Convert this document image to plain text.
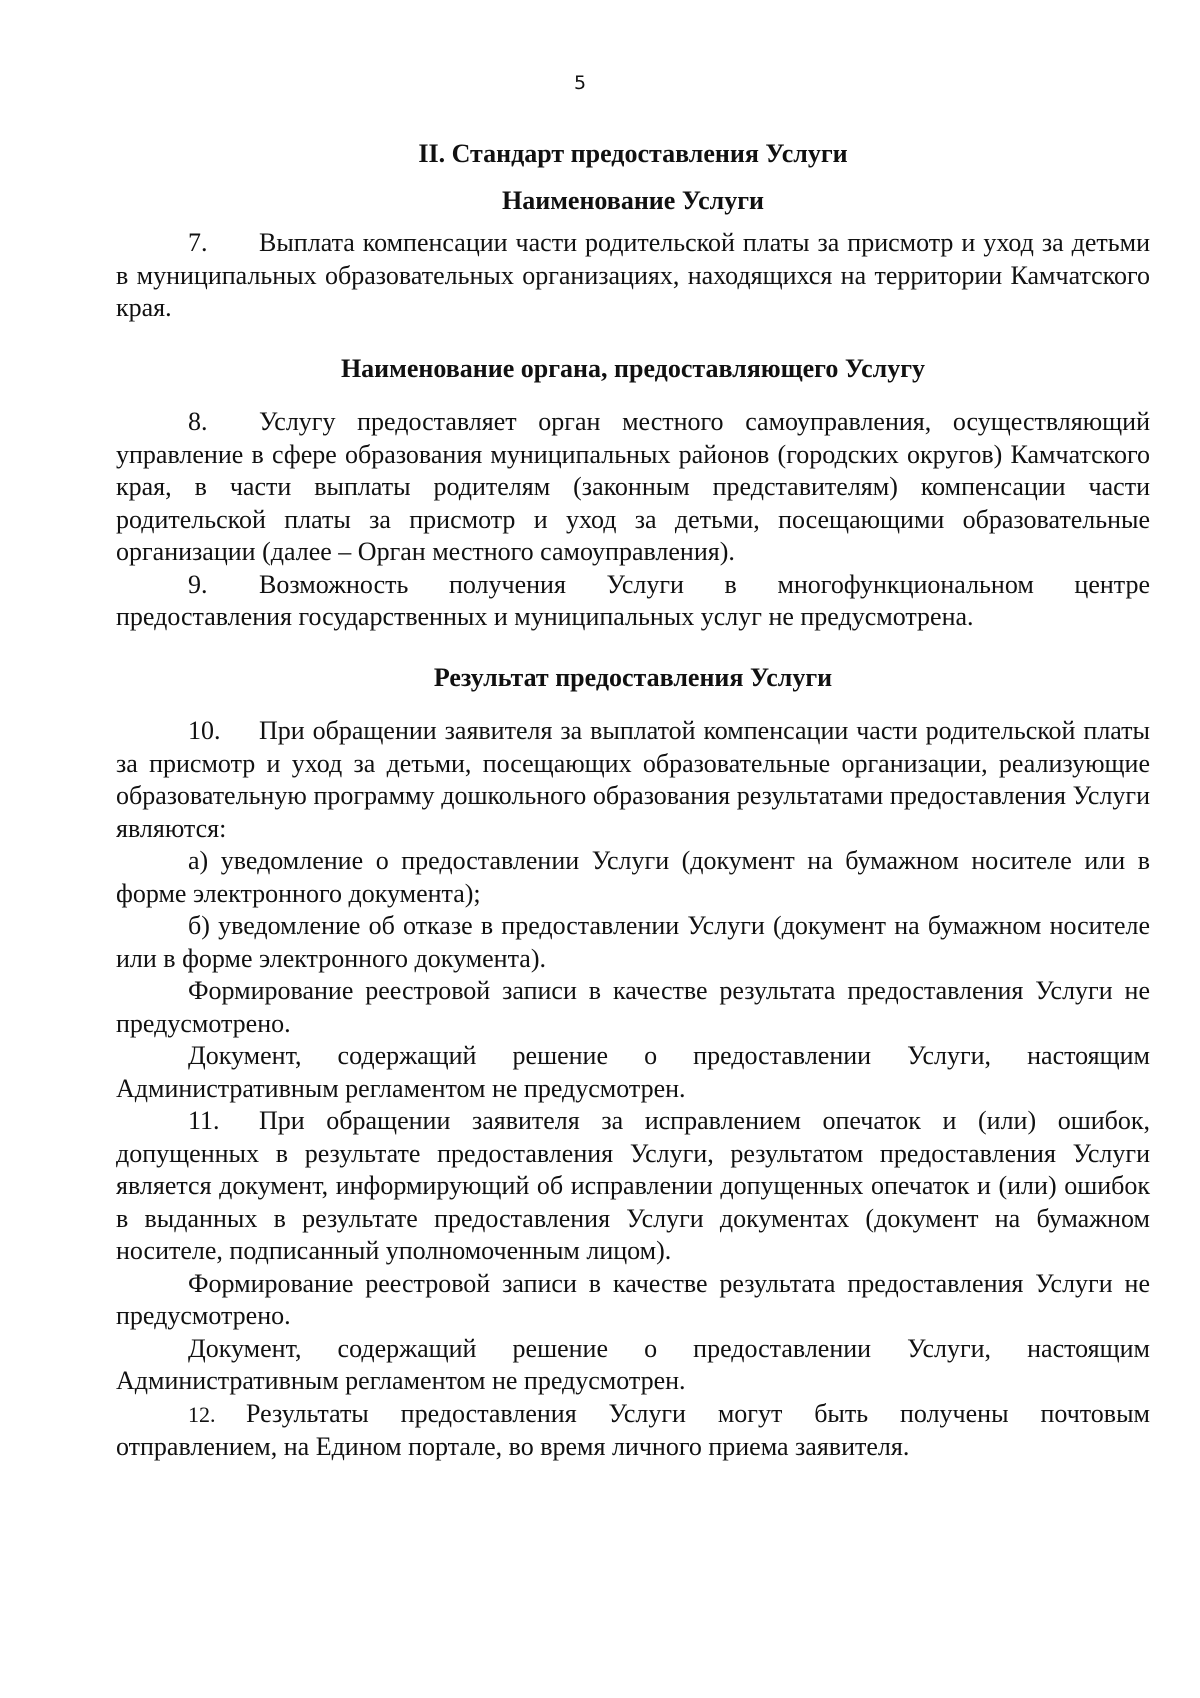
5
II. Стандарт предоставления Услуги
Наименование Услуги

7. Выплата компенсации части родительской платы за присмотр и уход за детьми в муниципальных образовательных организациях, находящихся на территории Камчатского края.

Наименование органа, предоставляющего Услугу

8. Услугу предоставляет орган местного самоуправления, осуществляющий управление в сфере образования муниципальных районов (городских округов) Камчатского края, в части выплаты родителям (законным представителям) компенсации части родительской платы за присмотр и уход за детьми, посещающими образовательные организации (далее – Орган местного самоуправления).

9. Возможность получения Услуги в многофункциональном центре предоставления государственных и муниципальных услуг не предусмотрена.

Результат предоставления Услуги

10. При обращении заявителя за выплатой компенсации части родительской платы за присмотр и уход за детьми, посещающих образовательные организации, реализующие образовательную программу дошкольного образования результатами предоставления Услуги являются:

а) уведомление о предоставлении Услуги (документ на бумажном носителе или в форме электронного документа);

б) уведомление об отказе в предоставлении Услуги (документ на бумажном носителе или в форме электронного документа).

Формирование реестровой записи в качестве результата предоставления Услуги не предусмотрено.

Документ, содержащий решение о предоставлении Услуги, настоящим Административным регламентом не предусмотрен.

11. При обращении заявителя за исправлением опечаток и (или) ошибок, допущенных в результате предоставления Услуги, результатом предоставления Услуги является документ, информирующий об исправлении допущенных опечаток и (или) ошибок в выданных в результате предоставления Услуги документах (документ на бумажном носителе, подписанный уполномоченным лицом).

Формирование реестровой записи в качестве результата предоставления Услуги не предусмотрено.

Документ, содержащий решение о предоставлении Услуги, настоящим Административным регламентом не предусмотрен.

12. Результаты предоставления Услуги могут быть получены почтовым отправлением, на Едином портале, во время личного приема заявителя.
